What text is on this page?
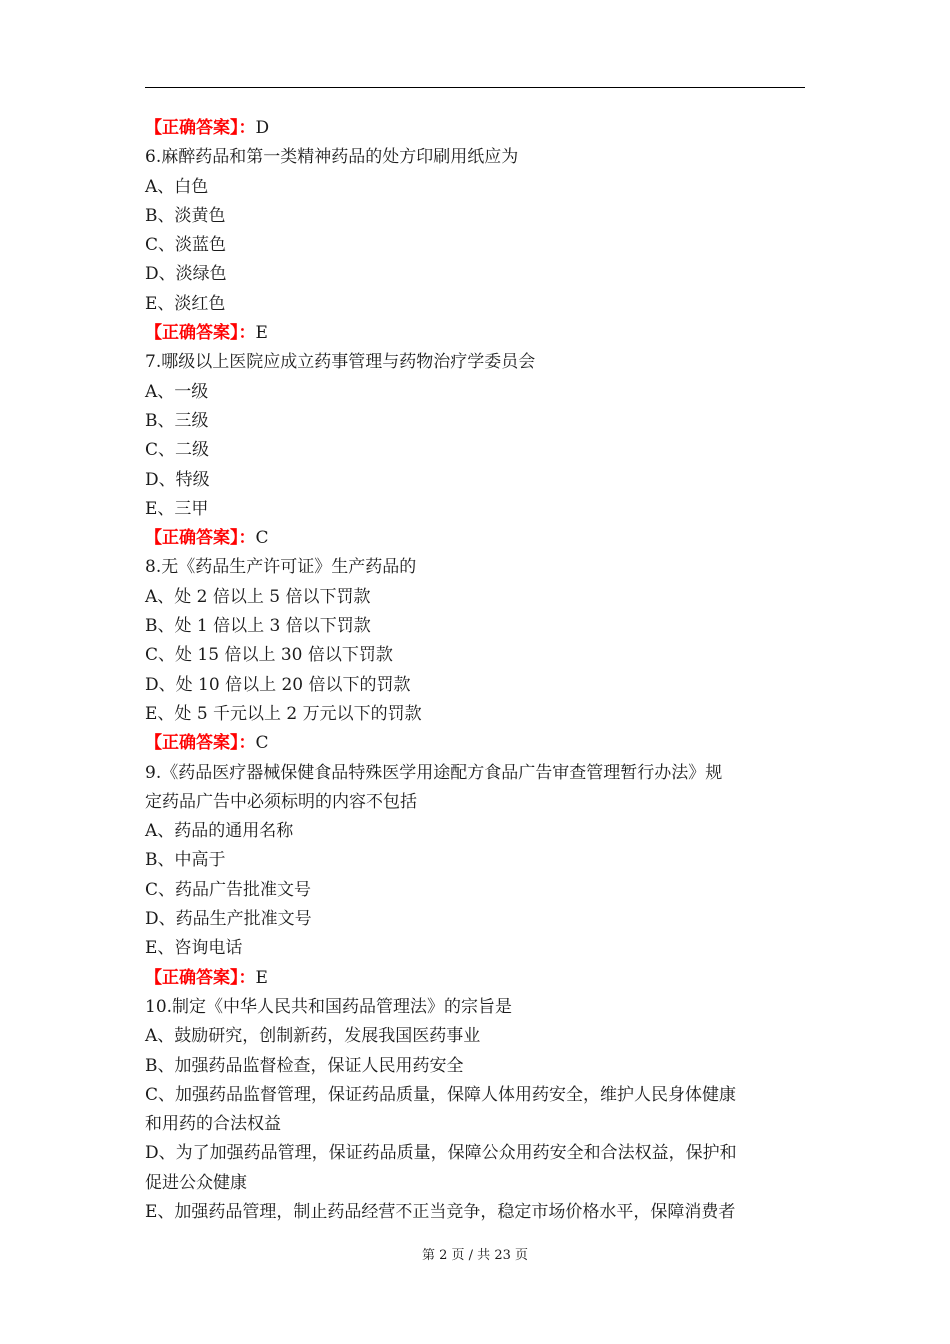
【正确答案】：D
6.麻醉药品和第一类精神药品的处方印刷用纸应为
A、白色
B、淡黄色
C、淡蓝色
D、淡绿色
E、淡红色
【正确答案】：E
7.哪级以上医院应成立药事管理与药物治疗学委员会
A、一级
B、三级
C、二级
D、特级
E、三甲
【正确答案】：C
8.无《药品生产许可证》生产药品的
A、处 2 倍以上 5 倍以下罚款
B、处 1 倍以上 3 倍以下罚款
C、处 15 倍以上 30 倍以下罚款
D、处 10 倍以上 20 倍以下的罚款
E、处 5 千元以上 2 万元以下的罚款
【正确答案】：C
9.《药品医疗器械保健食品特殊医学用途配方食品广告审查管理暂行办法》规
定药品广告中必须标明的内容不包括
A、药品的通用名称
B、中高于
C、药品广告批准文号
D、药品生产批准文号
E、咨询电话
【正确答案】：E
10.制定《中华人民共和国药品管理法》的宗旨是
A、鼓励研究，创制新药，发展我国医药事业
B、加强药品监督检查，保证人民用药安全
C、加强药品监督管理，保证药品质量，保障人体用药安全，维护人民身体健康
和用药的合法权益
D、为了加强药品管理，保证药品质量，保障公众用药安全和合法权益，保护和
促进公众健康
E、加强药品管理，制止药品经营不正当竞争，稳定市场价格水平，保障消费者
第 2 页 / 共 23 页
